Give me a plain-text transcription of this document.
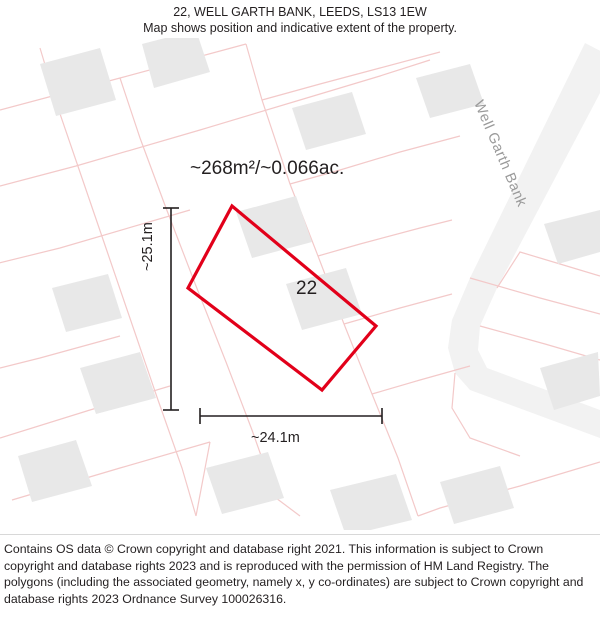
22, WELL GARTH BANK, LEEDS, LS13 1EW
Map shows position and indicative extent of the property.
~268m²/~0.066ac.
22
~25.1m
~24.1m
Well Garth Bank

Contains OS data © Crown copyright and database right 2021. This information is subject to Crown copyright and database rights 2023 and is reproduced with the permission of HM Land Registry. The polygons (including the associated geometry, namely x, y co-ordinates) are subject to Crown copyright and database rights 2023 Ordnance Survey 100026316.
